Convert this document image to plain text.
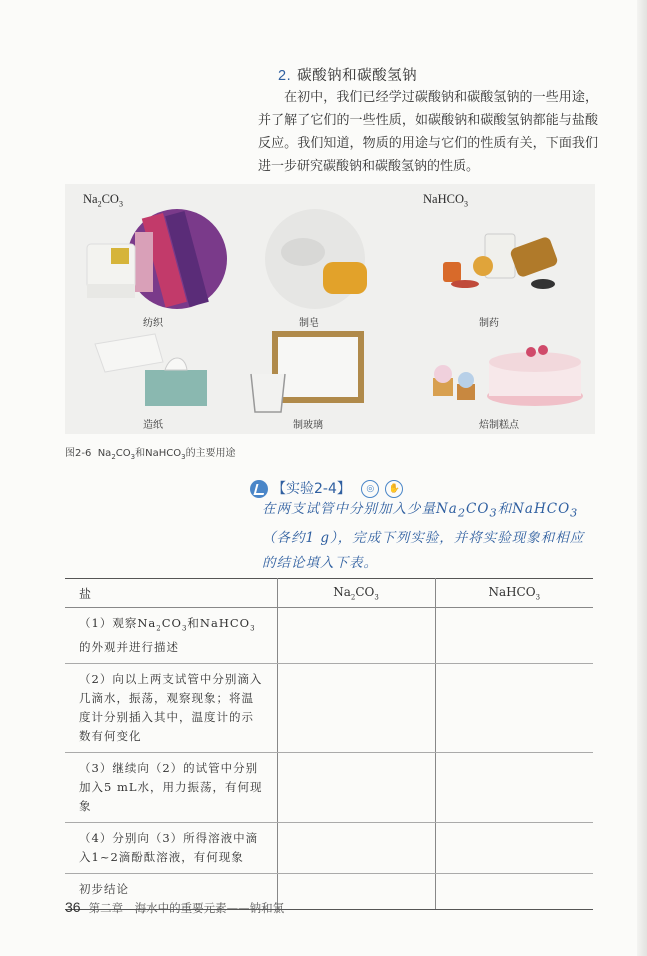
2. 碳酸钠和碳酸氢钠

在初中，我们已经学过碳酸钠和碳酸氢钠的一些用途，并了解了它们的一些性质，如碳酸钠和碳酸氢钠都能与盐酸反应。我们知道，物质的用途与它们的性质有关，下面我们进一步研究碳酸钠和碳酸氢钠的性质。

$Na_2CO_3$	NaHCO$_3$
纺织	制皂	制药
造纸	制玻璃	焙制糕点
图2-6 $Na_2CO_3$和NaHCO$_3$的主要用途
【实验2-4】 ◎ ✋

在两支试管中分别加入少量$Na_2CO_3$和NaHCO$_3$（各约1 g），完成下列实验，并将实验现象和相应的结论填入下表。

盐	$Na_2CO_3$	NaHCO$_3$
（1）观察$Na_2CO_3$和NaHCO$_3$的外观并进行描述		
（2）向以上两支试管中分别滴入几滴水，振荡，观察现象；将温度计分别插入其中，温度计的示数有何变化		
（3）继续向（2）的试管中分别加入5 mL水，用力振荡，有何现象		
（4）分别向（3）所得溶液中滴入1~2滴酚酞溶液，有何现象		
初步结论		
36 第二章　海水中的重要元素——钠和氯
